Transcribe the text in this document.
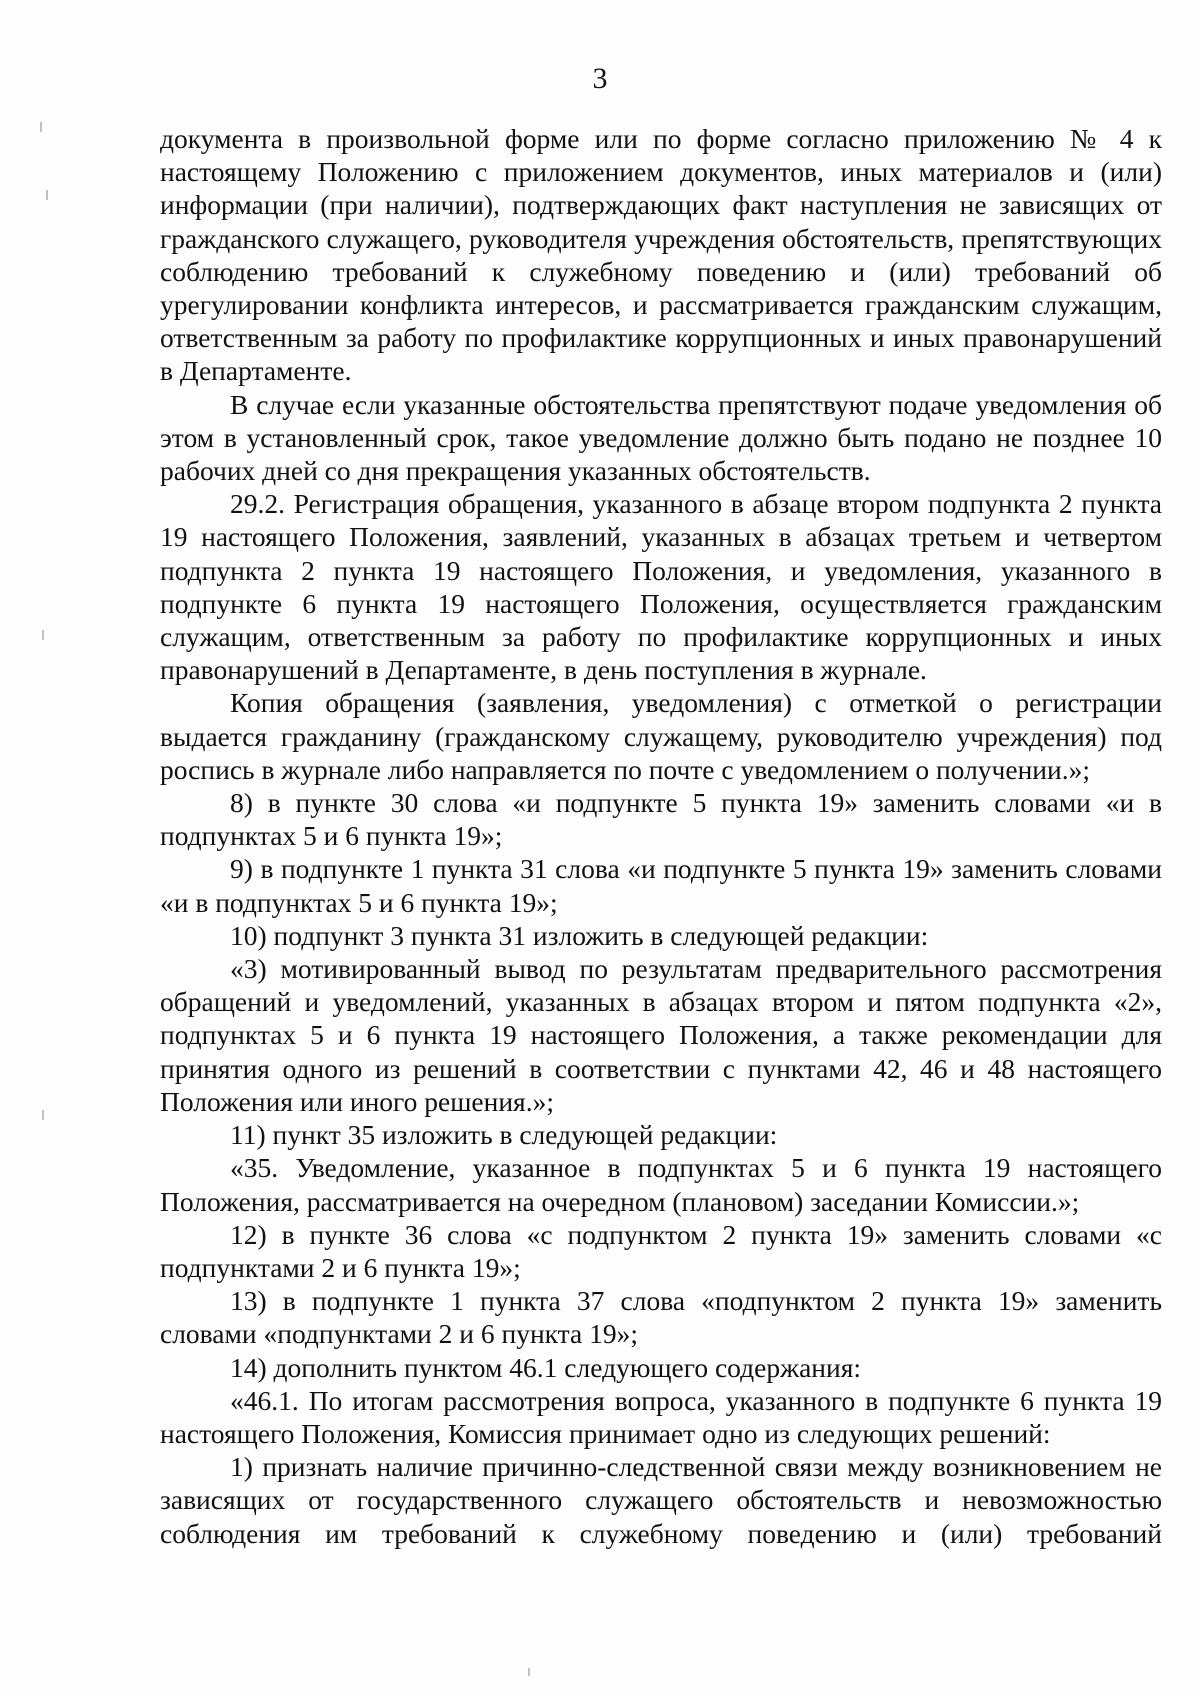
3

документа в произвольной форме или по форме согласно приложению № 4 к настоящему Положению с приложением документов, иных материалов и (или) информации (при наличии), подтверждающих факт наступления не зависящих от гражданского служащего, руководителя учреждения обстоятельств, препятствующих соблюдению требований к служебному поведению и (или) требований об урегулировании конфликта интересов, и рассматривается гражданским служащим, ответственным за работу по профилактике коррупционных и иных правонарушений в Департаменте.

В случае если указанные обстоятельства препятствуют подаче уведомления об этом в установленный срок, такое уведомление должно быть подано не позднее 10 рабочих дней со дня прекращения указанных обстоятельств.

29.2. Регистрация обращения, указанного в абзаце втором подпункта 2 пункта 19 настоящего Положения, заявлений, указанных в абзацах третьем и четвертом подпункта 2 пункта 19 настоящего Положения, и уведомления, указанного в подпункте 6 пункта 19 настоящего Положения, осуществляется гражданским служащим, ответственным за работу по профилактике коррупционных и иных правонарушений в Департаменте, в день поступления в журнале.

Копия обращения (заявления, уведомления) с отметкой о регистрации выдается гражданину (гражданскому служащему, руководителю учреждения) под роспись в журнале либо направляется по почте с уведомлением о получении.»;

8) в пункте 30 слова «и подпункте 5 пункта 19» заменить словами «и в подпунктах 5 и 6 пункта 19»;

9) в подпункте 1 пункта 31 слова «и подпункте 5 пункта 19» заменить словами «и в подпунктах 5 и 6 пункта 19»;

10) подпункт 3 пункта 31 изложить в следующей редакции:

«3) мотивированный вывод по результатам предварительного рассмотрения обращений и уведомлений, указанных в абзацах втором и пятом подпункта «2», подпунктах 5 и 6 пункта 19 настоящего Положения, а также рекомендации для принятия одного из решений в соответствии с пунктами 42, 46 и 48 настоящего Положения или иного решения.»;

11) пункт 35 изложить в следующей редакции:

«35. Уведомление, указанное в подпунктах 5 и 6 пункта 19 настоящего Положения, рассматривается на очередном (плановом) заседании Комиссии.»;

12) в пункте 36 слова «с подпунктом 2 пункта 19» заменить словами «с подпунктами 2 и 6 пункта 19»;

13) в подпункте 1 пункта 37 слова «подпунктом 2 пункта 19» заменить словами «подпунктами 2 и 6 пункта 19»;

14) дополнить пунктом 46.1 следующего содержания:

«46.1. По итогам рассмотрения вопроса, указанного в подпункте 6 пункта 19 настоящего Положения, Комиссия принимает одно из следующих решений:

1) признать наличие причинно-следственной связи между возникновением не зависящих от государственного служащего обстоятельств и невозможностью соблюдения им требований к служебному поведению и (или) требований
